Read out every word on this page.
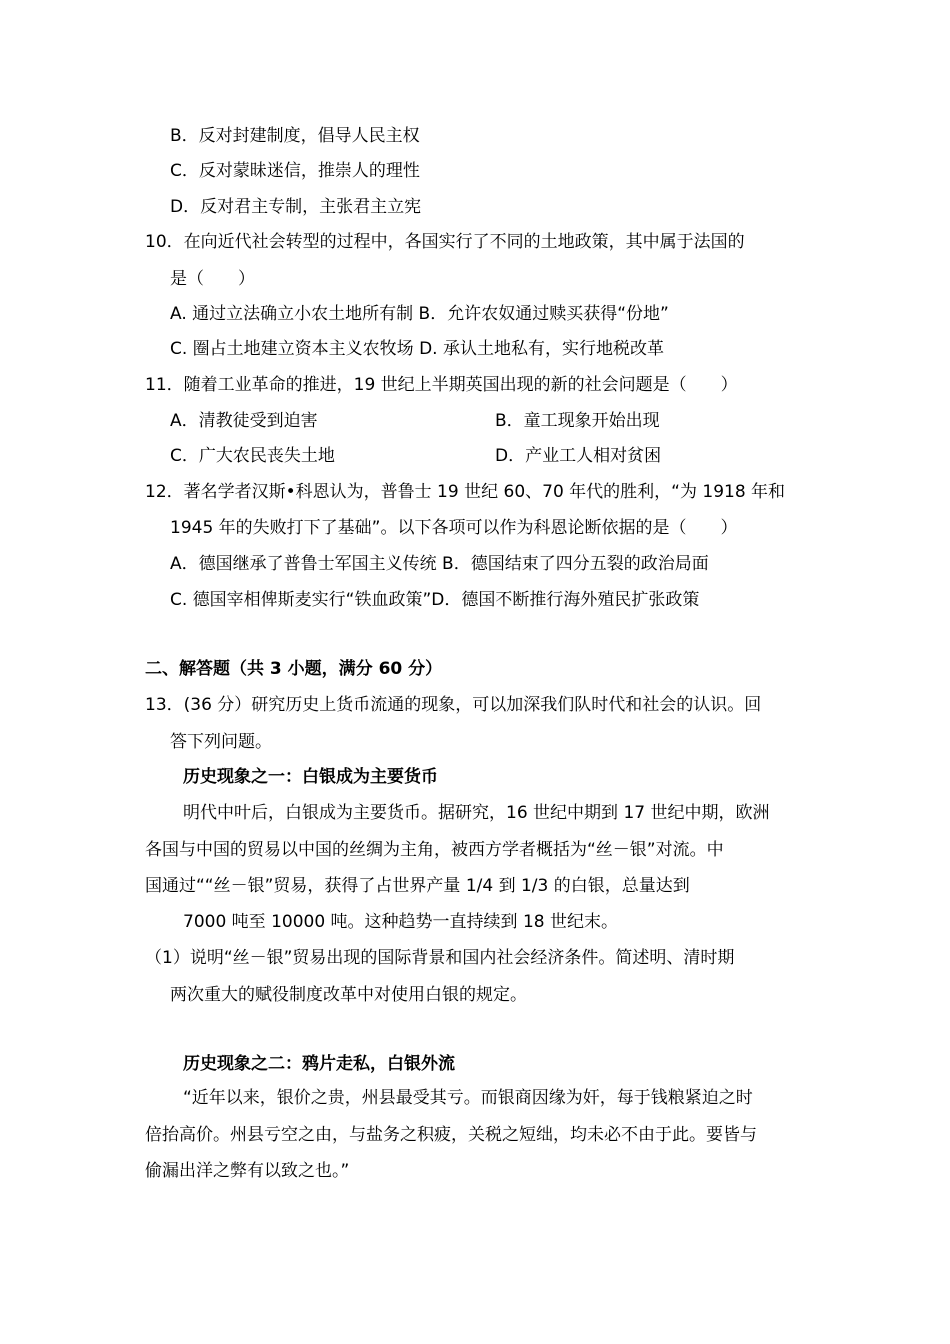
B．反对封建制度，倡导人民主权
C．反对蒙昧迷信，推崇人的理性
D．反对君主专制，主张君主立宪
10．在向近代社会转型的过程中，各国实行了不同的土地政策，其中属于法国的
是（　　）
A. 通过立法确立小农土地所有制 B．允许农奴通过赎买获得“份地”
C. 圈占土地建立资本主义农牧场 D. 承认土地私有，实行地税改革
11．随着工业革命的推进，19 世纪上半期英国出现的新的社会问题是（　　）
A．清教徒受到迫害	B．童工现象开始出现
C．广大农民丧失土地	D．产业工人相对贫困
12．著名学者汉斯•科恩认为，普鲁士 19 世纪 60、70 年代的胜利，“为 1918 年和
1945 年的失败打下了基础”。以下各项可以作为科恩论断依据的是（　　）
A．德国继承了普鲁士军国主义传统 B．德国结束了四分五裂的政治局面
C. 德国宰相俾斯麦实行“铁血政策”D．德国不断推行海外殖民扩张政策
二、解答题（共 3 小题，满分 60 分）
13．(36 分）研究历史上货币流通的现象，可以加深我们队时代和社会的认识。回
答下列问题。
历史现象之一：白银成为主要货币
明代中叶后，白银成为主要货币。据研究，16 世纪中期到 17 世纪中期，欧洲
各国与中国的贸易以中国的丝绸为主角，被西方学者概括为“丝－银”对流。中
国通过““丝－银”贸易，获得了占世界产量 1/4 到 1/3 的白银，总量达到
7000 吨至 10000 吨。这种趋势一直持续到 18 世纪末。
（1）说明“丝－银”贸易出现的国际背景和国内社会经济条件。简述明、清时期
两次重大的赋役制度改革中对使用白银的规定。
历史现象之二：鸦片走私，白银外流
“近年以来，银价之贵，州县最受其亏。而银商因缘为奸，每于钱粮紧迫之时
倍抬高价。州县亏空之由，与盐务之积疲，关税之短绌，均未必不由于此。要皆与
偷漏出洋之弊有以致之也。”
